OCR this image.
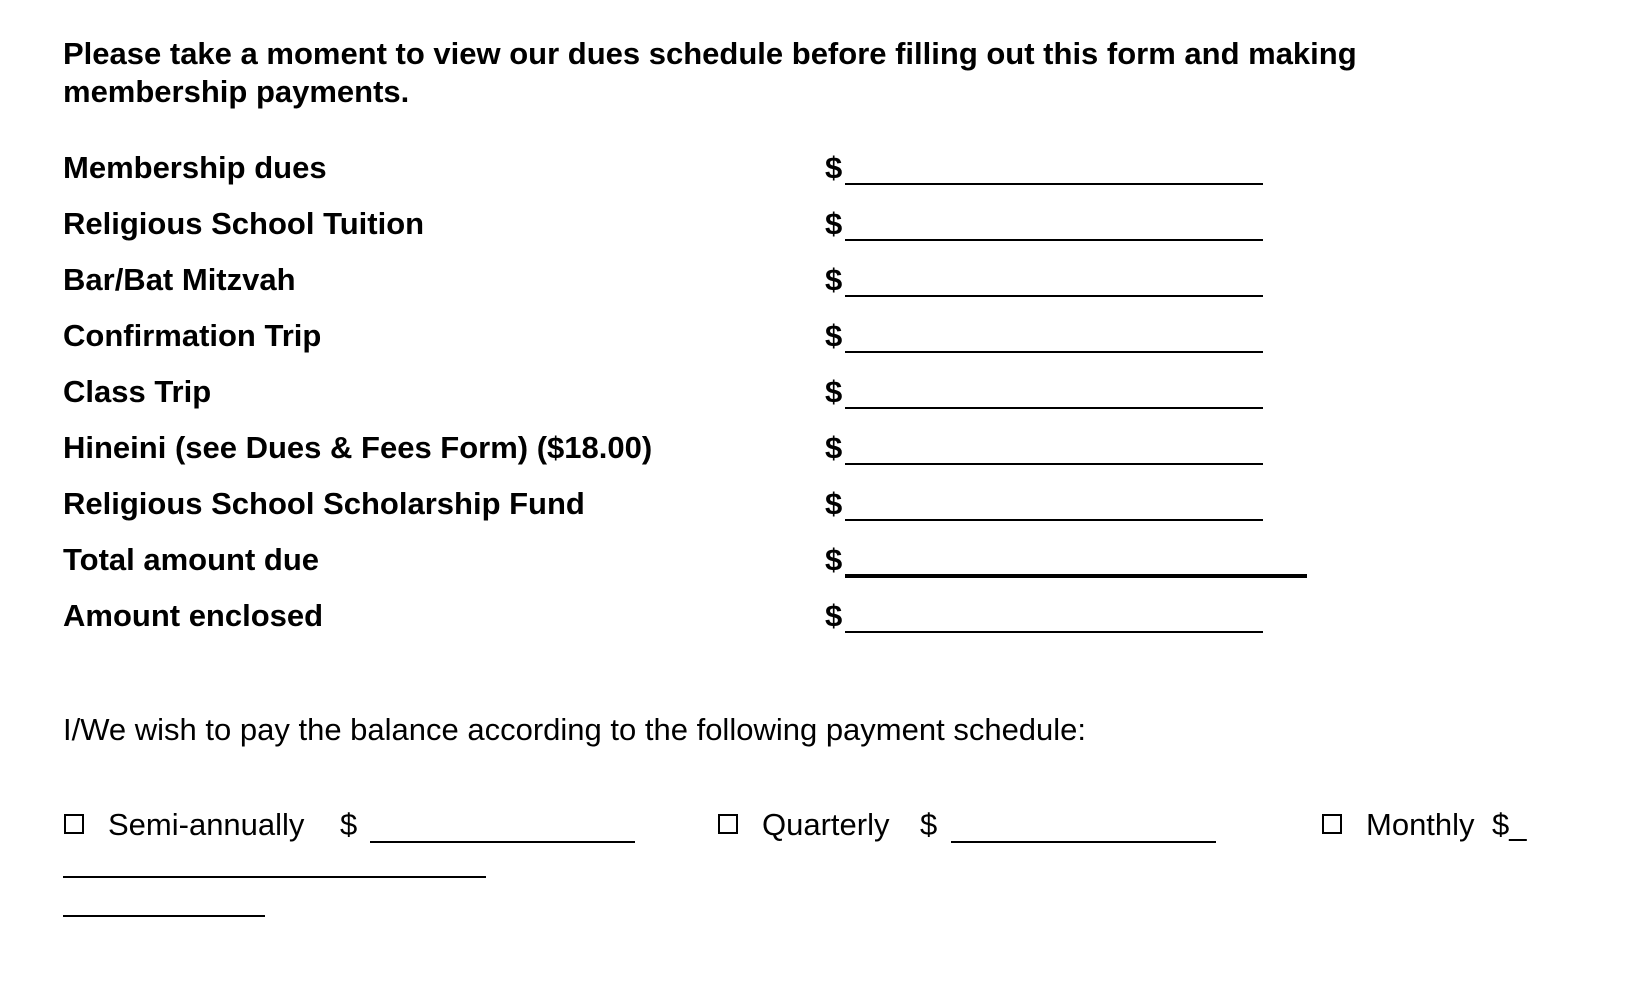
Please take a moment to view our dues schedule before filling out this form and making membership payments.
Membership dues	$
Religious School Tuition	$
Bar/Bat Mitzvah	$
Confirmation Trip	$
Class Trip	$
Hineini (see Dues & Fees Form) ($18.00)	$
Religious School Scholarship Fund	$
Total amount due	$
Amount enclosed	$
I/We wish to pay the balance according to the following payment schedule:
Semi-annually $	Quarterly $	Monthly $_
